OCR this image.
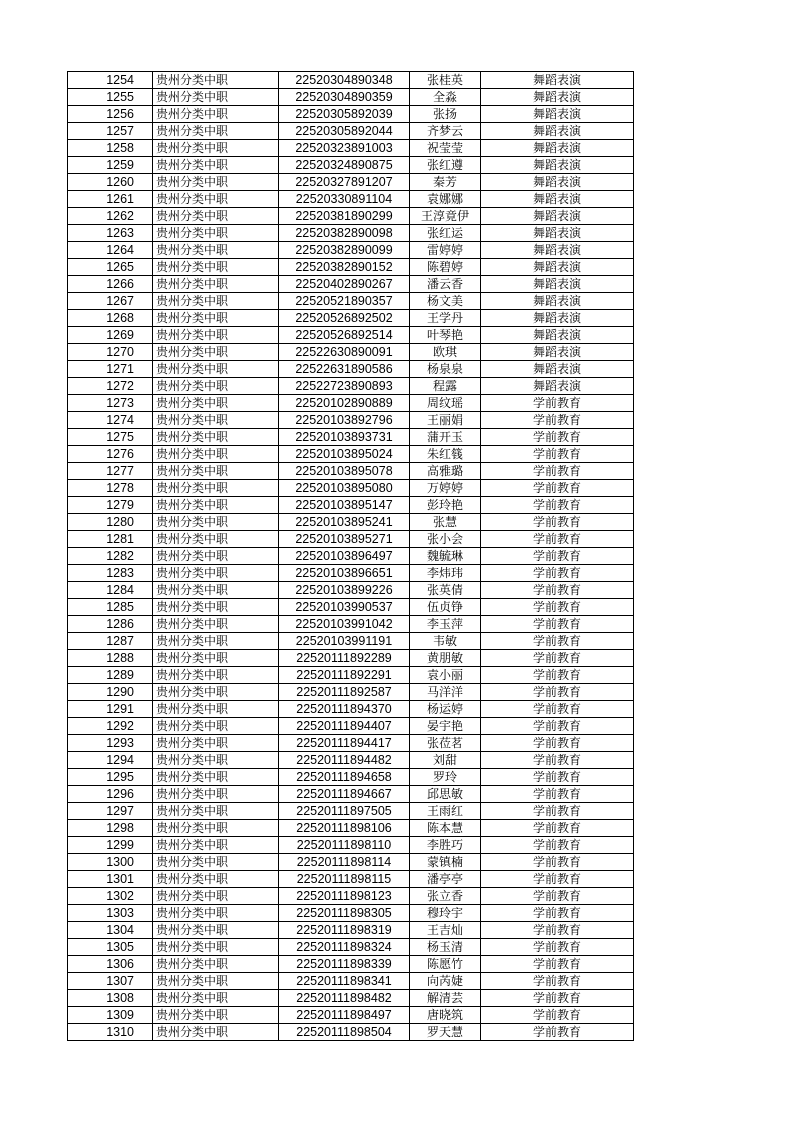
1254	贵州分类中职	22520304890348	张桂英	舞蹈表演
1255	贵州分类中职	22520304890359	全淼	舞蹈表演
1256	贵州分类中职	22520305892039	张扬	舞蹈表演
1257	贵州分类中职	22520305892044	齐梦云	舞蹈表演
1258	贵州分类中职	22520323891003	祝莹莹	舞蹈表演
1259	贵州分类中职	22520324890875	张红遵	舞蹈表演
1260	贵州分类中职	22520327891207	秦芳	舞蹈表演
1261	贵州分类中职	22520330891104	袁娜娜	舞蹈表演
1262	贵州分类中职	22520381890299	王淳竟伊	舞蹈表演
1263	贵州分类中职	22520382890098	张红运	舞蹈表演
1264	贵州分类中职	22520382890099	雷婷婷	舞蹈表演
1265	贵州分类中职	22520382890152	陈碧婷	舞蹈表演
1266	贵州分类中职	22520402890267	潘云香	舞蹈表演
1267	贵州分类中职	22520521890357	杨文美	舞蹈表演
1268	贵州分类中职	22520526892502	王学丹	舞蹈表演
1269	贵州分类中职	22520526892514	叶琴艳	舞蹈表演
1270	贵州分类中职	22522630890091	欧琪	舞蹈表演
1271	贵州分类中职	22522631890586	杨泉泉	舞蹈表演
1272	贵州分类中职	22522723890893	程露	舞蹈表演
1273	贵州分类中职	22520102890889	周纹瑶	学前教育
1274	贵州分类中职	22520103892796	王丽娟	学前教育
1275	贵州分类中职	22520103893731	蒲开玉	学前教育
1276	贵州分类中职	22520103895024	朱红篯	学前教育
1277	贵州分类中职	22520103895078	高雅璐	学前教育
1278	贵州分类中职	22520103895080	万婷婷	学前教育
1279	贵州分类中职	22520103895147	彭玲艳	学前教育
1280	贵州分类中职	22520103895241	张慧	学前教育
1281	贵州分类中职	22520103895271	张小会	学前教育
1282	贵州分类中职	22520103896497	魏毓琳	学前教育
1283	贵州分类中职	22520103896651	李炜玮	学前教育
1284	贵州分类中职	22520103899226	张英倩	学前教育
1285	贵州分类中职	22520103990537	伍贞铮	学前教育
1286	贵州分类中职	22520103991042	李玉萍	学前教育
1287	贵州分类中职	22520103991191	韦敏	学前教育
1288	贵州分类中职	22520111892289	黄朋敏	学前教育
1289	贵州分类中职	22520111892291	袁小丽	学前教育
1290	贵州分类中职	22520111892587	马洋洋	学前教育
1291	贵州分类中职	22520111894370	杨运婷	学前教育
1292	贵州分类中职	22520111894407	晏宇艳	学前教育
1293	贵州分类中职	22520111894417	张莅茗	学前教育
1294	贵州分类中职	22520111894482	刘甜	学前教育
1295	贵州分类中职	22520111894658	罗玲	学前教育
1296	贵州分类中职	22520111894667	邱思敏	学前教育
1297	贵州分类中职	22520111897505	王雨红	学前教育
1298	贵州分类中职	22520111898106	陈本慧	学前教育
1299	贵州分类中职	22520111898110	李胜巧	学前教育
1300	贵州分类中职	22520111898114	蒙镇楠	学前教育
1301	贵州分类中职	22520111898115	潘亭亭	学前教育
1302	贵州分类中职	22520111898123	张立香	学前教育
1303	贵州分类中职	22520111898305	穆玲宇	学前教育
1304	贵州分类中职	22520111898319	王吉灿	学前教育
1305	贵州分类中职	22520111898324	杨玉清	学前教育
1306	贵州分类中职	22520111898339	陈愿竹	学前教育
1307	贵州分类中职	22520111898341	向芮婕	学前教育
1308	贵州分类中职	22520111898482	解清芸	学前教育
1309	贵州分类中职	22520111898497	唐晓筑	学前教育
1310	贵州分类中职	22520111898504	罗天慧	学前教育
